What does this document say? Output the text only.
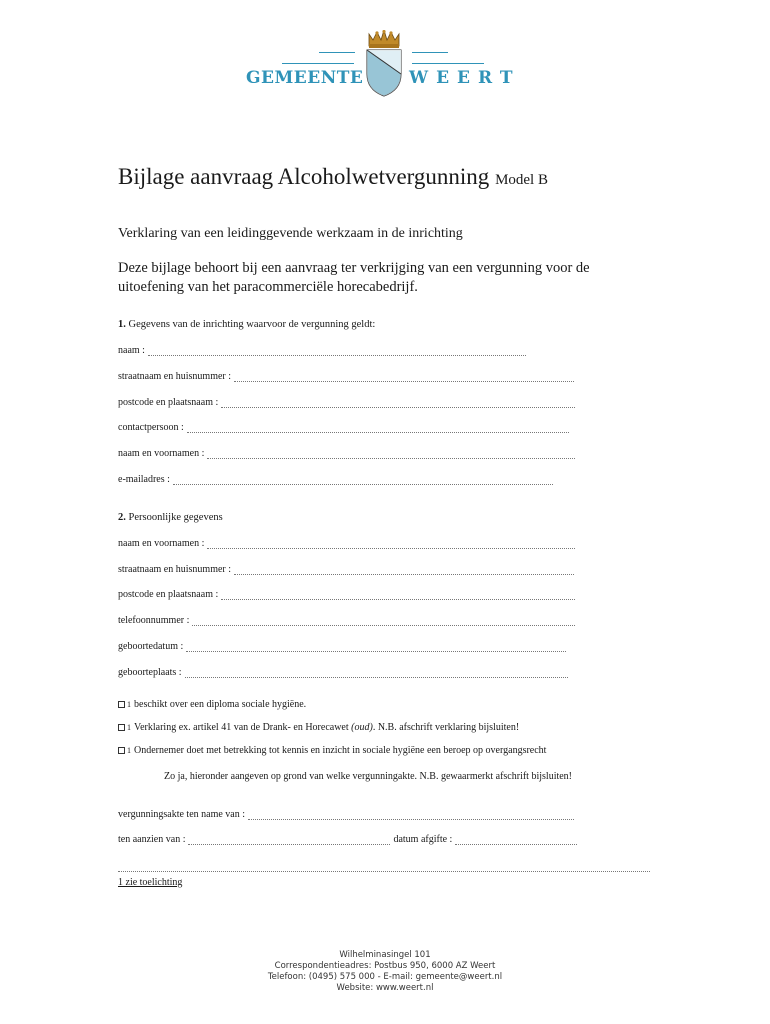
GEMEENTE	WEERT
Bijlage aanvraag Alcoholwetvergunning Model B
Verklaring van een leidinggevende werkzaam in de inrichting
Deze bijlage behoort bij een aanvraag ter verkrijging van een vergunning voor de uitoefening van het paracommerciële horecabedrijf.
1. Gegevens van de inrichting waarvoor de vergunning geldt:
naam :
straatnaam en huisnummer :
postcode en plaatsnaam :
contactpersoon :
naam en voornamen :
e-mailadres :
2. Persoonlijke gegevens
naam en voornamen :
straatnaam en huisnummer :
postcode en plaatsnaam :
telefoonnummer :
geboortedatum :
geboorteplaats :
1 beschikt over een diploma sociale hygiëne.
1 Verklaring ex. artikel 41 van de Drank- en Horecawet (oud). N.B. afschrift verklaring bijsluiten!
1 Ondernemer doet met betrekking tot kennis en inzicht in sociale hygiëne een beroep op overgangsrecht
Zo ja, hieronder aangeven op grond van welke vergunningakte. N.B. gewaarmerkt afschrift bijsluiten!
vergunningsakte ten name van :
ten aanzien van :	datum afgifte :
1 zie toelichting
Wilhelminasingel 101
Correspondentieadres: Postbus 950, 6000 AZ Weert
Telefoon: (0495) 575 000 - E-mail: gemeente@weert.nl
Website: www.weert.nl
